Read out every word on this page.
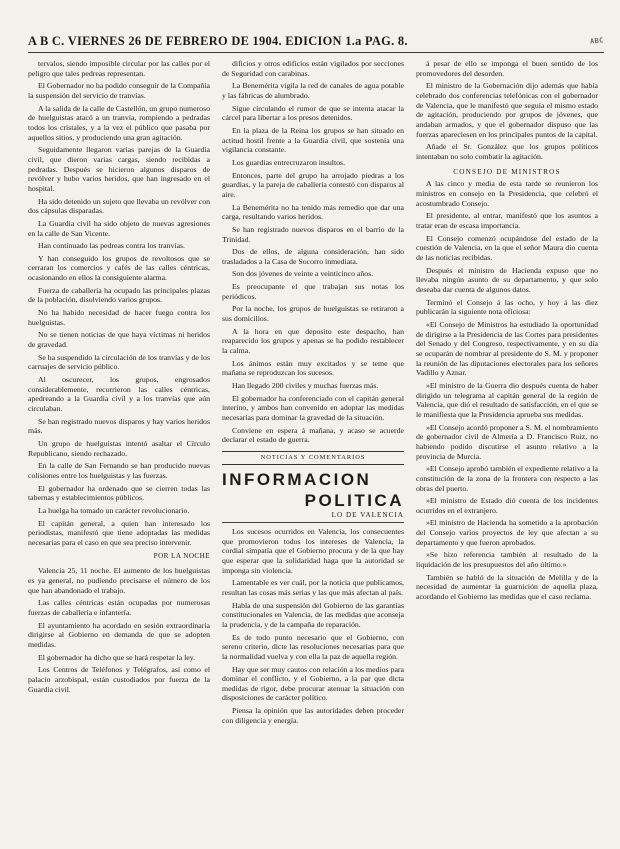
A B C. VIERNES 26 DE FEBRERO DE 1904. EDICION 1.a PAG. 8.	ABC

tervalos, siendo imposible circular por las calles por el peligro que tales pedreas representan.

El Gobernador no ha podido conseguir de la Compañía la suspensión del servicio de tranvías.

A la salida de la calle de Castellón, un grupo numeroso de huelguistas atacó a un tranvía, rompiendo a pedradas todos los cristales, y a la vez el público que pasaba por aquellos sitios, y produciendo una gran agitación.

Seguidamente llegaron varias parejas de la Guardia civil, que dieron varias cargas, siendo recibidas a pedradas. Después se hicieron algunos disparos de revólver y hubo varios heridos, que han ingresado en el hospital.

Ha sido detenido un sujeto que llevaba un revólver con dos cápsulas disparadas.

La Guardia civil ha sido objeto de nuevas agresiones en la calle de San Vicente.

Han continuado las pedreas contra los tranvías.

Y han conseguido los grupos de revoltosos que se cerraran los comercios y cafés de las calles céntricas, ocasionando en ellos la consiguiente alarma.

Fuerza de caballería ha ocupado las principales plazas de la población, disolviendo varios grupos.

No ha habido necesidad de hacer fuego contra los huelguistas.

No se tienen noticias de que haya víctimas ni heridos de gravedad.

Se ha suspendido la circulación de los tranvías y de los carruajes de servicio público.

Al oscurecer, los grupos, engrosados considerablemente, recorrieron las calles céntricas, apedreando a la Guardia civil y a los tranvías que aún circulaban.

Se han registrado nuevos disparos y hay varios heridos más.

Un grupo de huelguistas intentó asaltar el Círculo Republicano, siendo rechazado.

En la calle de San Fernando se han producido nuevas colisiones entre los huelguistas y las fuerzas.

El gobernador ha ordenado que se cierren todas las tabernas y establecimientos públicos.

La huelga ha tomado un carácter revolucionario.

El capitán general, a quien han interesado los periodistas, manifestó que tiene adoptadas las medidas necesarias para el caso en que sea preciso intervenir.

POR LA NOCHE

Valencia 25, 11 noche. El aumento de los huelguistas es ya general, no pudiendo precisarse el número de los que han abandonado el trabajo.

Las calles céntricas están ocupadas por numerosas fuerzas de caballería e infantería.

El ayuntamiento ha acordado en sesión extraordinaria dirigirse al Gobierno en demanda de que se adopten medidas.

El gobernador ha dicho que se hará respetar la ley.

Los Centros de Teléfonos y Telégrafos, así como el palacio arzobispal, están custodiados por fuerza de la Guardia civil.

dificios y otros edificios están vigilados por secciones de Seguridad con carabinas.

La Benemérita vigila la red de canales de agua potable y las fábricas de alumbrado.

Sigue circulando el rumor de que se intenta atacar la cárcel para libertar a los presos detenidos.

En la plaza de la Reina los grupos se han situado en actitud hostil frente a la Guardia civil, que sostenía una vigilancia constante.

Los guardias entrecruzaron insultos.

Entonces, parte del grupo ha arrojado piedras a los guardias, y la pareja de caballería contestó con disparos al aire.

La Benemérita no ha tenido más remedio que dar una carga, resultando varios heridos.

Se han registrado nuevos disparos en el barrio de la Trinidad.

Dos de ellos, de alguna consideración, han sido trasladados a la Casa de Socorro inmediata.

Son dos jóvenes de veinte a veinticinco años.

Es preocupante el que trabajan sus notas los periódicos.

Por la noche, los grupos de huelguistas se retiraron a sus domicilios.

A la hora en que deposito este despacho, han reaparecido los grupos y apenas se ha podido restablecer la calma.

Los ánimos están muy excitados y se teme que mañana se reproduzcan los sucesos.

Han llegado 200 civiles y muchas fuerzas más.

El gobernador ha conferenciado con el capitán general interino, y ambos han convenido en adoptar las medidas necesarias para dominar la gravedad de la situación.

Conviene en espera á mañana, y acaso se acuerde declarar el estado de guerra.

NOTICIAS Y COMENTARIOS
INFORMACION
POLITICA
LO DE VALENCIA

Los sucesos ocurridos en Valencia, los consecuentes que promovieron todos los intereses de Valencia, la cordial simpatía que el Gobierno procura y de la que hay que esperar que la solidaridad haga que la autoridad se imponga sin violencia.

Lamentable es ver cuál, por la noticia que publicamos, resultan las cosas más serias y las que más afectan al país.

Habla de una suspensión del Gobierno de las garantías constitucionales en Valencia, de las medidas que aconseja la prudencia, y de la campaña de reparación.

Es de todo punto necesario que el Gobierno, con sereno criterio, dicte las resoluciones necesarias para que la normalidad vuelva y con ella la paz de aquella región.

Hay que ser muy cautos con relación a los medios para dominar el conflicto, y el Gobierno, a la par que dicta medidas de rigor, debe procurar atenuar la situación con disposiciones de carácter político.

Piensa la opinión que las autoridades deben proceder con diligencia y energía.

á pesar de ello se imponga el buen sentido de los promovedores del desorden.

El ministro de la Gobernación dijo además que había celebrado dos conferencias telefónicas con el gobernador de Valencia, que le manifestó que seguía el mismo estado de agitación, produciendo por grupos de jóvenes, que andaban armados, y que el gobernador dispuso que las fuerzas apareciesen en los principales puntos de la capital.

Añade el Sr. González que los grupos políticos intentaban no solo combatir la agitación.

CONSEJO DE MINISTROS

A las cinco y media de esta tarde se reunieron los ministros en consejo en la Presidencia, que celebró el acostumbrado Consejo.

El presidente, al entrar, manifestó que los asuntos a tratar eran de escasa importancia.

El Consejo comenzó ocupándose del estado de la cuestión de Valencia, en la que el señor Maura dio cuenta de las noticias recibidas.

Después el ministro de Hacienda expuso que no llevaba ningún asunto de su departamento, y que solo deseaba dar cuenta de algunos datos.

Terminó el Consejo á las ocho, y hoy á las diez publicarán la siguiente nota oficiosa:

«El Consejo de Ministros ha estudiado la oportunidad de dirigirse a la Presidencia de las Cortes para presidentes del Senado y del Congreso, respectivamente, y en su día se ocuparán de nombrar al presidente de S. M. y proponer la reunión de las diputaciones electorales para los señores Vadillo y Aznar.

»El ministro de la Guerra dio después cuenta de haber dirigido un telegrama al capitán general de la región de Valencia, que dió el resultado de satisfacción, en el que se le manifiesta que la Presidencia aprueba sus medidas.

»El Consejo acordó proponer a S. M. el nombramiento de gobernador civil de Almería a D. Francisco Ruiz, no habiendo podido discutirse el asunto relativo a la provincia de Murcia.

»El Consejo aprobó también el expediente relativo a la constitución de la zona de la frontera con respecto a las obras del puerto.

»El ministro de Estado dió cuenta de los incidentes ocurridos en el extranjero.

»El ministro de Hacienda ha sometido a la aprobación del Consejo varios proyectos de ley que afectan a su departamento y que fueron aprobados.

»Se hizo referencia también al resultado de la liquidación de los presupuestos del año último.»

También se habló de la situación de Melilla y de la necesidad de aumentar la guarnición de aquella plaza, acordando el Gobierno las medidas que el caso reclama.
